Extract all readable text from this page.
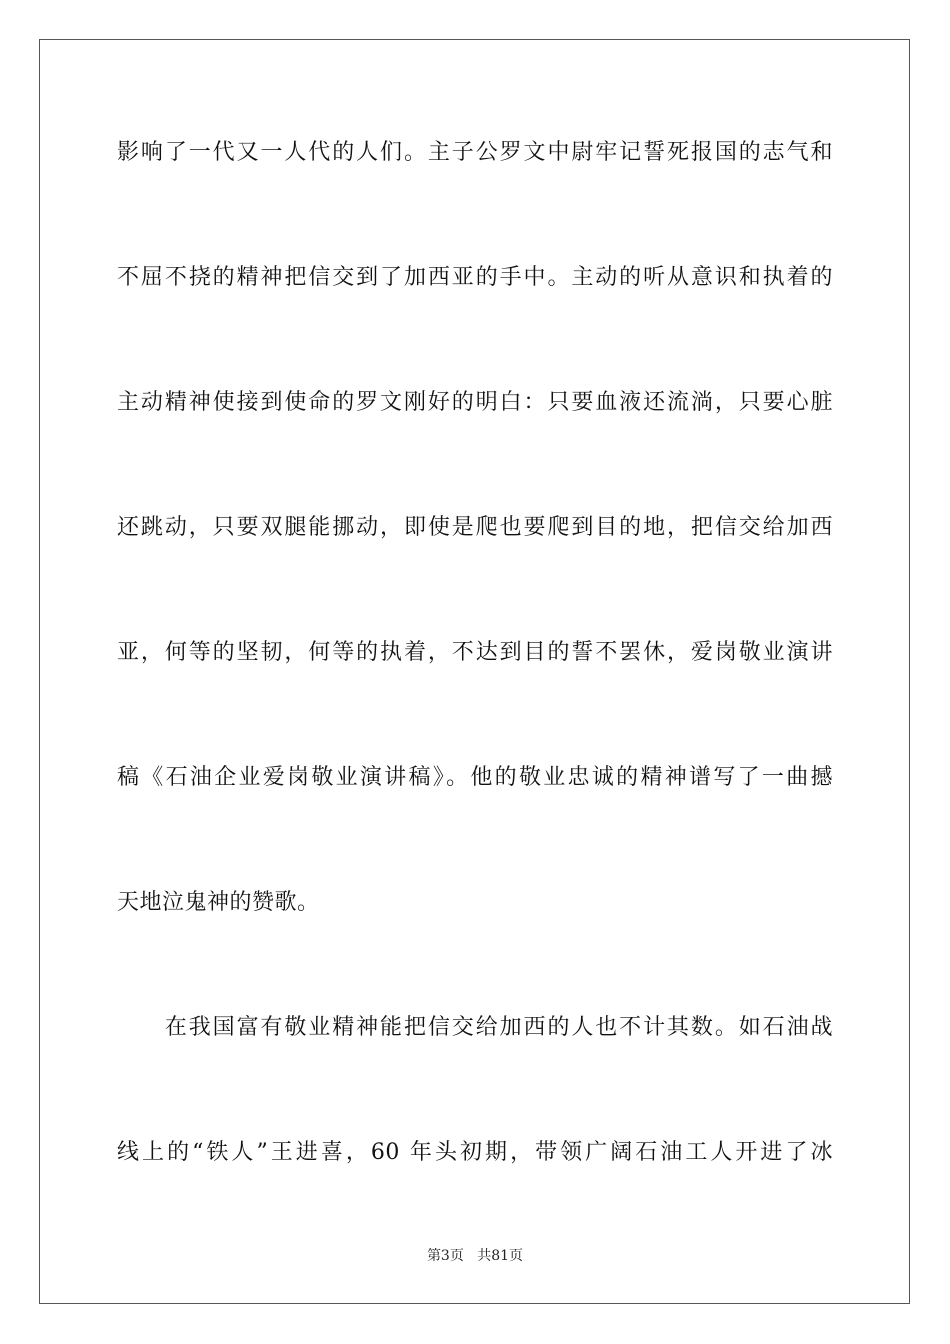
影响了一代又一人代的人们。主子公罗文中尉牢记誓死报国的志气和
不屈不挠的精神把信交到了加西亚的手中。主动的听从意识和执着的
主动精神使接到使命的罗文刚好的明白：只要血液还流淌，只要心脏
还跳动，只要双腿能挪动，即使是爬也要爬到目的地，把信交给加西
亚，何等的坚韧，何等的执着，不达到目的誓不罢休，爱岗敬业演讲
稿《石油企业爱岗敬业演讲稿》。他的敬业忠诚的精神谱写了一曲撼
天地泣鬼神的赞歌。
　　在我国富有敬业精神能把信交给加西的人也不计其数。如石油战
线上的“铁人”王进喜，60 年头初期，带领广阔石油工人开进了冰
第3页 共81页
